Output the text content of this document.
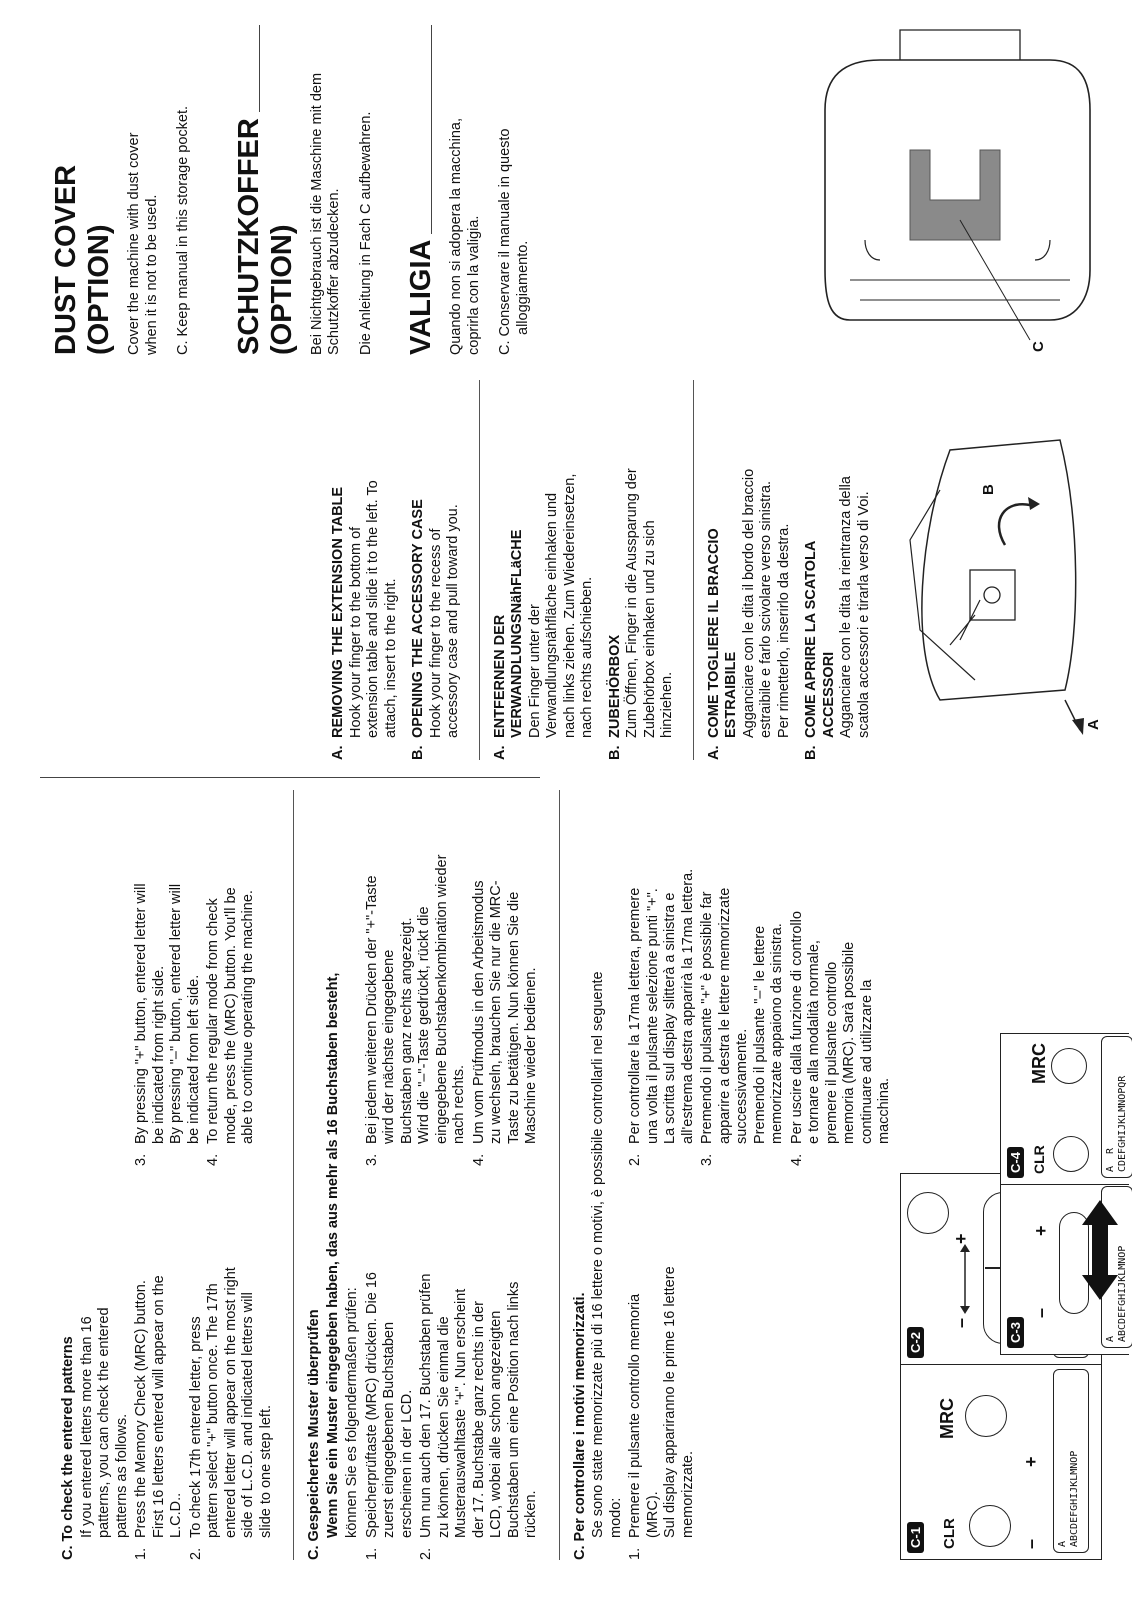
C. To check the entered patterns If you entered letters more than 16 patterns, you can check the entered patterns as follows.
1.
Press the Memory Check (MRC) button. First 16 letters entered will appear on the L.C.D..
2.
To check 17th entered letter, press pattern select "+" button once. The 17th entered letter will appear on the most right side of L.C.D. and indicated letters will slide to one step left.
3.
By pressing "+" button, entered letter will be indicated from right side. By pressing "–" button, entered letter will be indicated from left side.
4.
To return the regular mode from check mode, press the (MRC) button. You'll be able to continue operating the machine.
C. Gespeichertes Muster überprüfen Wenn Sie ein Muster eingegeben haben, das aus mehr als 16 Buchstaben besteht, können Sie es folgendermaßen prüfen:
1.
Speicherprüftaste (MRC) drücken. Die 16 zuerst eingegebenen Buchstaben erscheinen in der LCD.
2.
Um nun auch den 17. Buchstaben prüfen zu können, drücken Sie einmal die Musterauswahltaste "+". Nun erscheint der 17. Buchstabe ganz rechts in der LCD, wobei alle schon angezeigten Buchstaben um eine Position nach links rücken.
3.
Bei jedem weiteren Drücken der "+"-Taste wird der nächste eingegebene Buchstaben ganz rechts angezeigt. Wird die "–"-Taste gedrückt, rückt die eingegebene Buchstabenkombination wieder nach rechts.
4.
Um vom Prüfmodus in den Arbeitsmodus zu wechseln, brauchen Sie nur die MRC- Taste zu betätigen. Nun können Sie die Maschine wieder bedienen.
C. Per controllare i motivi memorizzati. Se sono state memorizzate più di 16 lettere o motivi, è possibile controllarli nel seguente modo:
1.
Premere il pulsante controllo memoria (MRC). Sul display appariranno le prime 16 lettere memorizzate.
2.
Per controllare la 17ma lettera, premere una volta il pulsante selezione punti "+". La scritta sul display slitterà a sinistra e all'estrema destra apparirà la 17ma lettera.
3.
Premendo il pulsante "+" è possibile far apparire a destra le lettere memorizzate successivamente. Premendo il pulsante "–" le lettere memorizzate appaiono da sinistra.
4.
Per uscire dalla funzione di controllo e tornare alla modalità normale, premere il pulsante controllo memoria (MRC). Sarà possibile continuare ad utilizzare la macchina.
C-1 CLR
MRC
–
+
A
ABCDEFGHIJKLMNOP
C-2
–
+
C-3
–
+
A
ABCDEFGHIJKLMNOP
C-4 CLR
MRC
A  R
CDEFGHIJKLMNOPQR
A.
REMOVING THE EXTENSION TABLE Hook your finger to the bottom of extension table and slide it to the left. To attach, insert to the right.
B.
OPENING THE ACCESSORY CASE Hook your finger to the recess of accessory case and pull toward you.
A.
ENTFERNEN DER VERWANDLUNGSNähFLäCHE Den Finger unter der Verwandlungsnähfläche einhaken und nach links ziehen. Zum Wiedereinsetzen, nach rechts aufschieben.
B.
ZUBEHÖRBOX Zum Öffnen, Finger in die Aussparung der Zubehörbox einhaken und zu sich hinziehen.
A.
COME TOGLIERE IL BRACCIO ESTRAIBILE Agganciare con le dita il bordo del braccio estraibile e farlo scivolare verso sinistra. Per rimetterlo, inserirlo da destra.
B.
COME APRIRE LA SCATOLA ACCESSORI Agganciare con le dita la rientranza della scatola accessori e tirarla verso di Voi.	A
B
DUST COVER (OPTION) Cover the machine with dust cover when it is not to be used. C. Keep manual in this storage pocket. SCHUTZKOFFER (OPTION) Bei Nichtgebrauch ist die Maschine mit dem Schutzkoffer abzudecken. Die Anleitung in Fach C aufbewahren. VALIGIA Quando non si adopera la macchina, coprirla con la valigia. C. Conservare il manuale in questo alloggiamento.
C
